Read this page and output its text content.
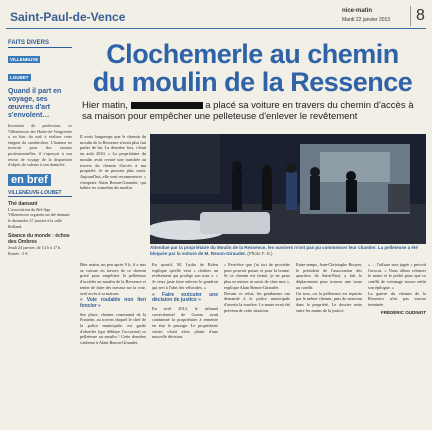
Saint-Paul-de-Vence	nice-matin
Mardi 22 janvier 2013	8
FAITS DIVERS
VILLENEUVE
LOUBET
Quand il part en voyage, ses œuvres d'art s'envolent…
Inventeur de profession, ce Villeneuvois des Hauts-de-Vaugrenier a eu hier du mal à réaliser cette énigme du cambrioleur. L'homme ne trouvait pour des raisons professionnelles, il s'aperçoit à son retour de voyage de la disparition d'objets de valeurs à son domicile.
en bref
VILLENEUVE-LOUBET
Thé dansant
L'association du Bel-Age Villeneuvois organise un thé dansant le dimanche 27 janvier à la salle Rolland.
Séance du monde : échos des Ombres
Jeudi 24 janvier, de 14 h à 17 h. Entrée : 5 €.
Clochemerle au chemin
du moulin de la Ressence
Hier matin,	a placé sa voiture en travers du chemin d'accès à sa maison pour empêcher une pelleteuse d'enlever le revêtement
Il avait longtemps que le chemin du moulin de la Ressence n'avait plus fait parler de lui. La dernière fois, c'était en août 2010, « La propriétaire du moulin avait creusé une tranchée au travers du chemin d'accès à ma propriété. Je ne pouvais plus sortir. Aujourd'hui, elle veut recommencer. » s'emporte Alain Renon-Giraudet, qui habite en contrebas du moulin.
Attendue par la propriétaire du Moulin de la Ressence, les ouvriers n'ont pas pu commencer leur chantier. La pelleteuse a été bloquée par la voiture de M. Renon-Giraudet. (Photo F. D.)
Hier matin, un peu après 9 h, il a mis sa voiture en travers de ce chemin privé pour empêcher la pelleteuse d'accéder au moulin de la Ressence et tenter de faire des travaux sur la voie, seul accès à sa maison.
« Voie roulable non lien foncier »
Sur place, chemin communal de la Fontette, au travers duquel le chef de la police municipale, est garde d'aborder (qui déblaye l'occasion) sa pelleteuse au moulin ! Cette dernière s'adresse à Alain Renon-Giraudet.
En sportif, M. Lydia de Bolen explique qu'elle veut « réaliser un revêtement qui protège son mur ». « Je veux juste faire enlever le goudron qui sert à l'abri des véhicules. »
« Faire exécuter une décision de justice »
En avril 2012, le tribunal correctionnel de Grasse avait condamné la propriétaire à remettre en état le passage. Le propriétaire voisin s'était alors plaint d'une nouvelle décision.
« Peut-être que j'ai tort de procéder pour pouvoir passer et pour la bonne. Si ce chemin est fermé, je ne peux plus ni rentrer ni sortir de chez moi », explique Alain Renon-Giraudet.
Devant ce refus, les gendarmes ont demandé à la police municipale d'avertir la tourière. Le maire avait été prévenu de cette situation.
Entre-temps, Jean-Christophe Bouyer, le président de l'association des quartiers de Saint-Paul, a fait le déplacement pour trouver une issue au conflit.
Un tour, ou la pelleteuse est repartie par le même chemin, puis de nouveau dans la propriété. Le dossier reste entre les mains de la justice.
« … l'affaire sera jugée » prévoit l'avocat. « Nous allons relancer le maire et le préfet pour que ce conflit de voisinage trouve enfin son épilogue. »
La guerre du chemin de la Ressence n'est pas encore terminée.
FRÉDÉRIC OUDINOT
